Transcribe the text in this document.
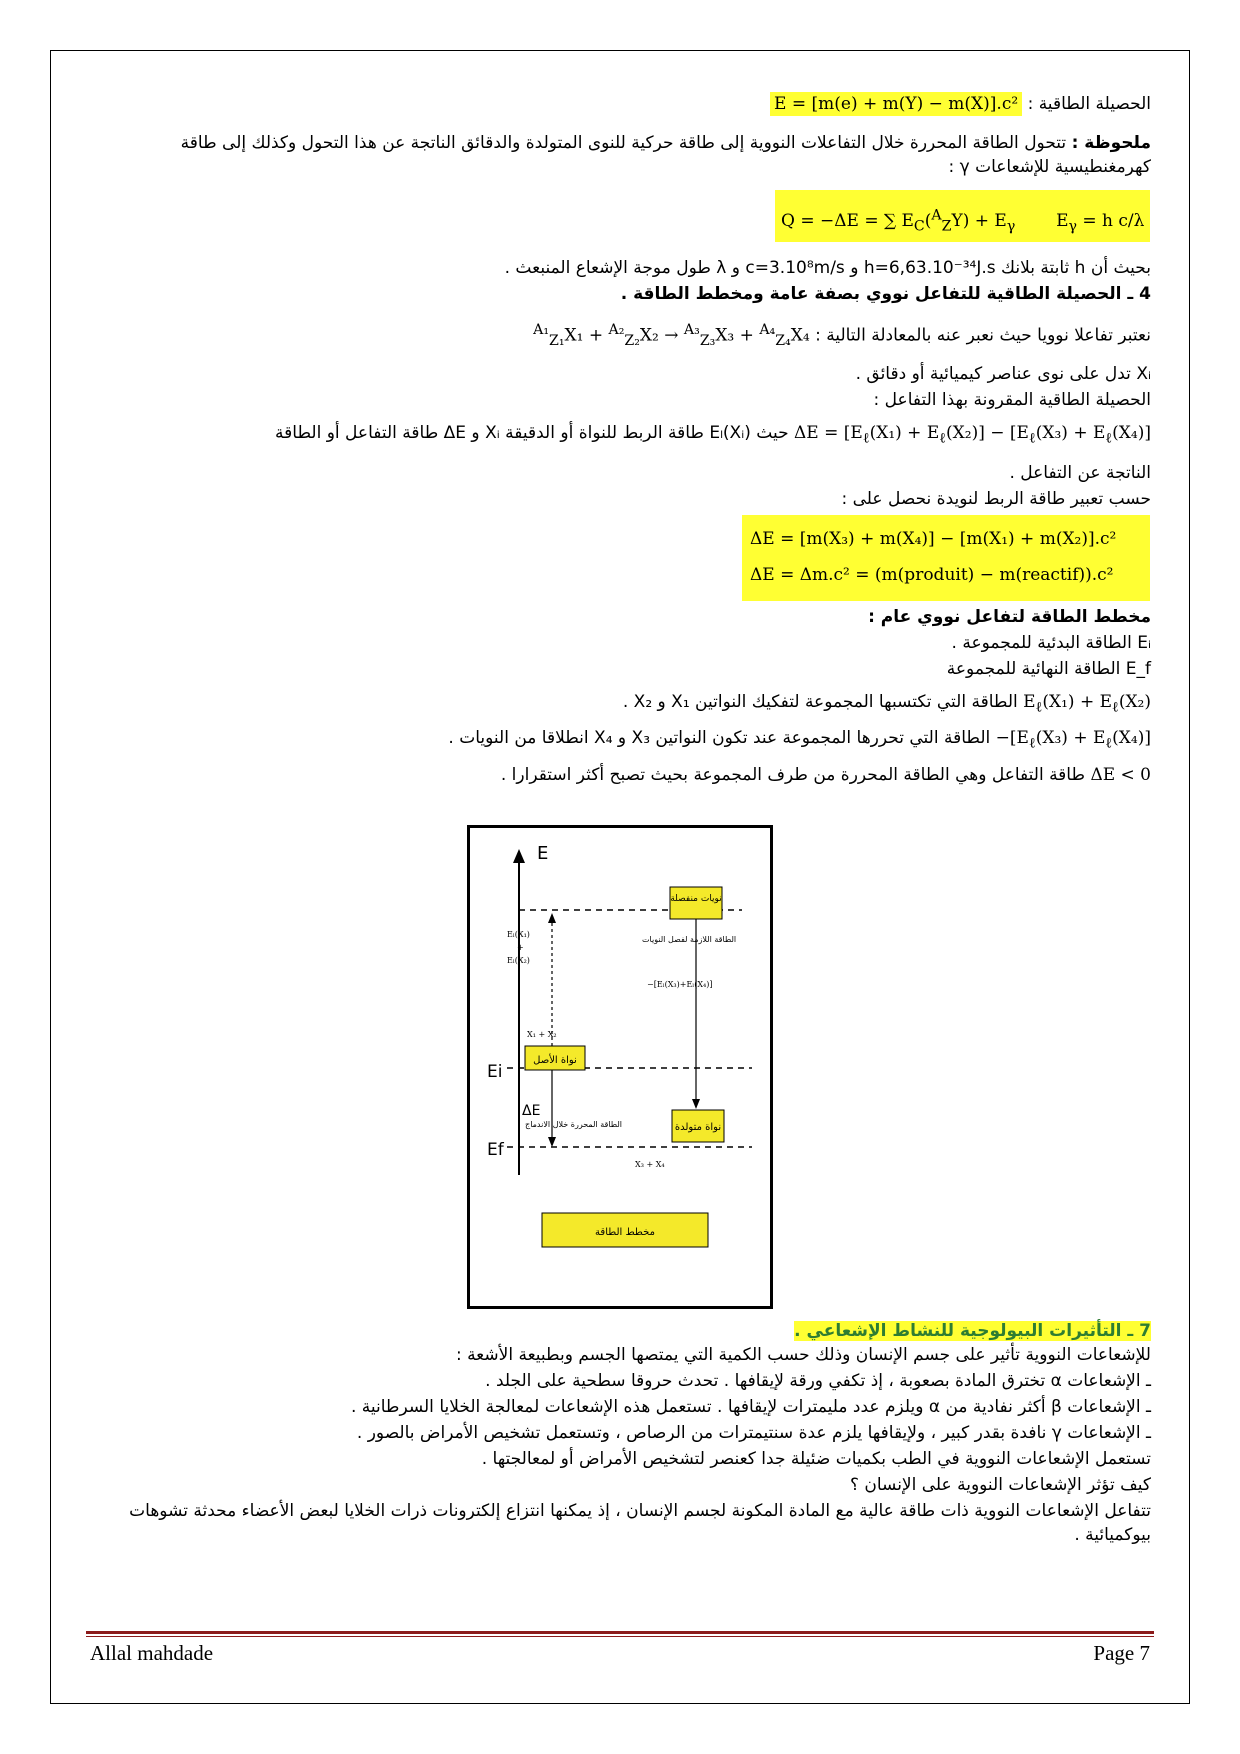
الحصيلة الطاقية : E = [m(e) + m(Y) − m(X)].c²
ملحوظة : تتحول الطاقة المحررة خلال التفاعلات النووية إلى طاقة حركية للنوى المتولدة والدقائق الناتجة عن هذا التحول وكذلك إلى طاقة كهرمغنطيسية للإشعاعات γ :
Q = −ΔE = ∑ $E_C(^A_ZY) + E_\gamma$ $E_\gamma = h$ c/λ
بحيث أن h ثابتة بلانك h=6,63.10⁻³⁴J.s و c=3.10⁸m/s و λ طول موجة الإشعاع المنبعث .
4 ـ الحصيلة الطاقية للتفاعل نووي بصفة عامة ومخطط الطاقة .
نعتبر تفاعلا نوويا حيث نعبر عنه بالمعادلة التالية : $^{A_1}_{Z_1}$X₁ + $^{A_2}_{Z_2}$X₂ → $^{A_3}_{Z_3}$X₃ + $^{A_4}_{Z_4}$X₄
Xᵢ تدل على نوى عناصر كيميائية أو دقائق .
الحصيلة الطاقية المقرونة بهذا التفاعل :
$\Delta E = [E_\ell(X_1) + E_\ell(X_2)] - [E_\ell(X_3) + E_\ell(X_4)]$ حيث Eₗ(Xᵢ) طاقة الربط للنواة أو الدقيقة Xᵢ و ΔE طاقة التفاعل أو الطاقة
الناتجة عن التفاعل .
حسب تعبير طاقة الربط لنويدة نحصل على :
ΔE = [m(X₃) + m(X₄)] − [m(X₁) + m(X₂)].c²
ΔE = Δm.c² = (m(produit) − m(reactif)).c²
مخطط الطاقة لتفاعل نووي عام :
Eᵢ الطاقة البدئية للمجموعة .
E_f الطاقة النهائية للمجموعة
$E_\ell(X_1) + E_\ell(X_2)$ الطاقة التي تكتسبها المجموعة لتفكيك النواتين X₁ و X₂ .
$-[E_\ell(X_3) + E_\ell(X_4)]$ الطاقة التي تحررها المجموعة عند تكون النواتين X₃ و X₄ انطلاقا من النويات .
ΔE < 0 طاقة التفاعل وهي الطاقة المحررة من طرف المجموعة بحيث تصبح أكثر استقرارا .
E
نويات منفصلة
نواة الأصل
نواة متولدة
Ei
Ef
ΔE
Eₗ(X₁)
+
Eₗ(X₂)
الطاقة اللازمة لفصل النويات
−[Eₗ(X₃)+Eₗ(X₄)]
X₁ + X₂
الطاقة المحررة خلال الاندماج
X₃ + X₄
مخطط الطاقة
7 ـ التأثيرات البيولوجية للنشاط الإشعاعي .
للإشعاعات النووية تأثير على جسم الإنسان وذلك حسب الكمية التي يمتصها الجسم وبطبيعة الأشعة :
ـ الإشعاعات α تخترق المادة بصعوبة ، إذ تكفي ورقة لإيقافها . تحدث حروقا سطحية على الجلد .
ـ الإشعاعات β أكثر نفادية من α ويلزم عدد مليمترات لإيقافها . تستعمل هذه الإشعاعات لمعالجة الخلايا السرطانية .
ـ الإشعاعات γ نافدة بقدر كبير ، ولإيقافها يلزم عدة سنتيمترات من الرصاص ، وتستعمل تشخيص الأمراض بالصور .
تستعمل الإشعاعات النووية في الطب بكميات ضئيلة جدا كعنصر لتشخيص الأمراض أو لمعالجتها .
كيف تؤثر الإشعاعات النووية على الإنسان ؟
تتفاعل الإشعاعات النووية ذات طاقة عالية مع المادة المكونة لجسم الإنسان ، إذ يمكنها انتزاع إلكترونات ذرات الخلايا لبعض الأعضاء محدثة تشوهات بيوكميائية .
Allal mahdade	Page 7
